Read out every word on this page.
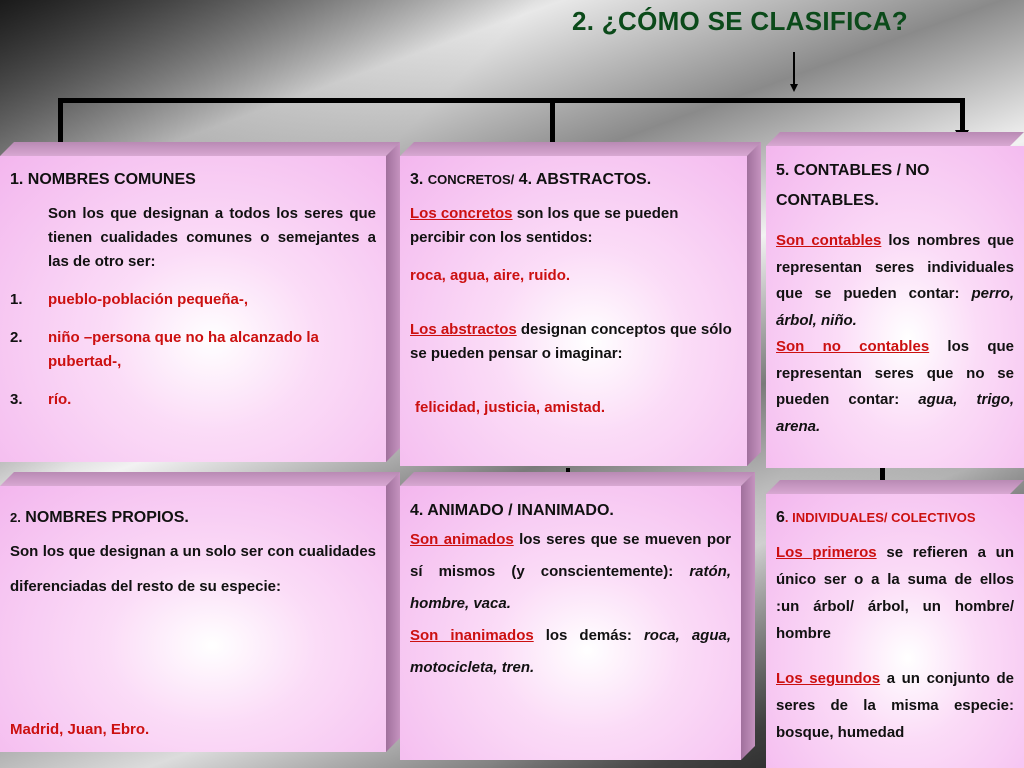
2. ¿CÓMO SE CLASIFICA?
1. NOMBRES COMUNES
Son los que designan a todos los seres que tienen cualidades comunes o semejantes a las de otro ser:
1. pueblo-población pequeña-,
2. niño –persona que no ha alcanzado la pubertad-,
3. río.
2. NOMBRES PROPIOS.
Son los que designan a un solo ser con cualidades diferenciadas del resto de su especie:
Madrid, Juan, Ebro.
3. CONCRETOS/ 4. ABSTRACTOS.
Los concretos son los que se pueden percibir con los sentidos:
roca, agua, aire, ruido.
Los abstractos designan conceptos que sólo se pueden pensar o imaginar:
felicidad, justicia, amistad.
4. ANIMADO / INANIMADO.
Son animados los seres que se mueven por sí mismos (y conscientemente): ratón, hombre, vaca.
Son inanimados los demás: roca, agua, motocicleta, tren.
5. CONTABLES / NO CONTABLES.
Son contables los nombres que representan seres individuales que se pueden contar: perro, árbol, niño.
Son no contables los que representan seres que no se pueden contar: agua, trigo, arena.
6. INDIVIDUALES/ COLECTIVOS
Los primeros se refieren a un único ser o a la suma de ellos :un árbol/ árbol, un hombre/ hombre
Los segundos a un conjunto de seres de la misma especie: bosque, humedad
